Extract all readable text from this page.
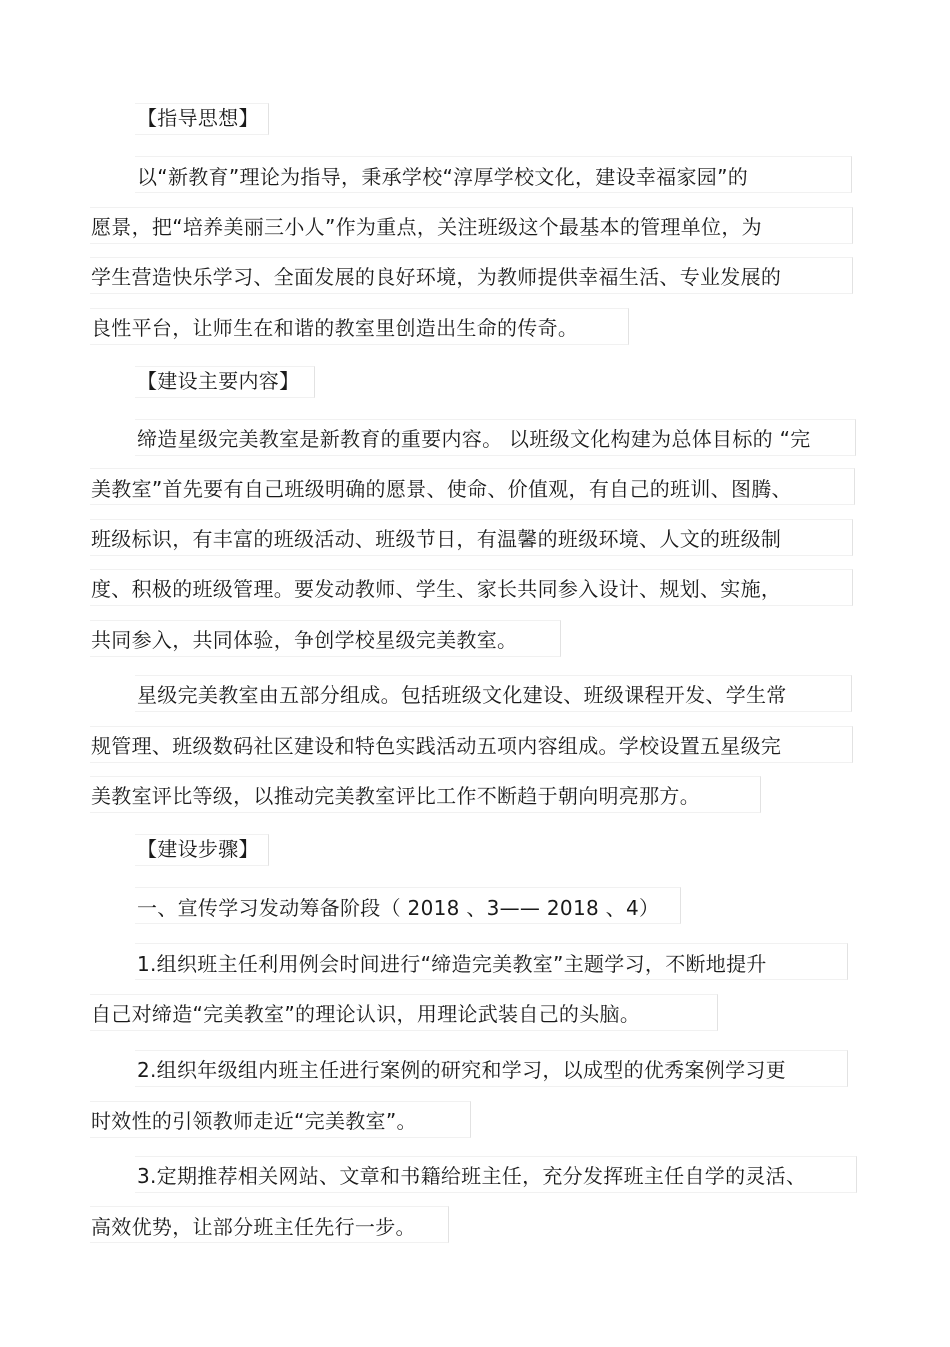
【指导思想】
以“新教育”理论为指导，秉承学校“淳厚学校文化，建设幸福家园”的
愿景，把“培养美丽三小人”作为重点，关注班级这个最基本的管理单位，为
学生营造快乐学习、全面发展的良好环境，为教师提供幸福生活、专业发展的
良性平台，让师生在和谐的教室里创造出生命的传奇。
【建设主要内容】
缔造星级完美教室是新教育的重要内容。 以班级文化构建为总体目标的 “完
美教室”首先要有自己班级明确的愿景、使命、价值观，有自己的班训、图腾、
班级标识，有丰富的班级活动、班级节日，有温馨的班级环境、人文的班级制
度、积极的班级管理。要发动教师、学生、家长共同参入设计、规划、实施，
共同参入，共同体验，争创学校星级完美教室。
星级完美教室由五部分组成。包括班级文化建设、班级课程开发、学生常
规管理、班级数码社区建设和特色实践活动五项内容组成。学校设置五星级完
美教室评比等级，以推动完美教室评比工作不断趋于朝向明亮那方。
【建设步骤】
一、宣传学习发动筹备阶段（ 2018 、3—— 2018 、4）
1.组织班主任利用例会时间进行“缔造完美教室”主题学习，不断地提升
自己对缔造“完美教室”的理论认识，用理论武装自己的头脑。
2.组织年级组内班主任进行案例的研究和学习，以成型的优秀案例学习更
时效性的引领教师走近“完美教室”。
3.定期推荐相关网站、文章和书籍给班主任，充分发挥班主任自学的灵活、
高效优势，让部分班主任先行一步。
